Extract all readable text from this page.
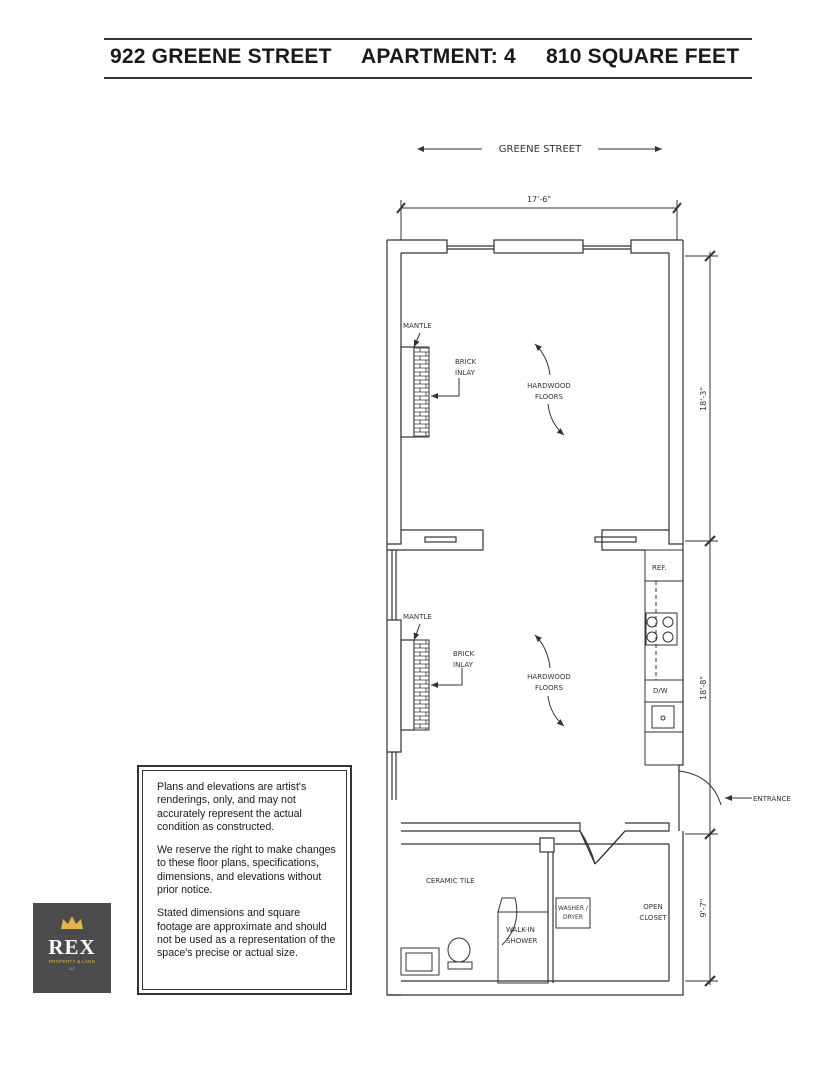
922 GREENE STREET APARTMENT: 4 810 SQUARE FEET
GREENE STREET
17'-6"
18'-3"
18'-8"
9'-7"
MANTLE
BRICK
INLAY
MANTLE
BRICK
INLAY
HARDWOOD
FLOORS
HARDWOOD
FLOORS
REF.
D/W
ENTRANCE
CERAMIC TILE
WALK-IN
SHOWER
WASHER /
DRYER
OPEN
CLOSET

Plans and elevations are artist's renderings, only, and may not accurately represent the actual condition as constructed.

We reserve the right to make changes to these floor plans, specifications, dimensions, and elevations without prior notice.

Stated dimensions and square footage are approximate and should not be used as a representation of the space's precise or actual size.

REX
PROPERTY & LAND
LLC
